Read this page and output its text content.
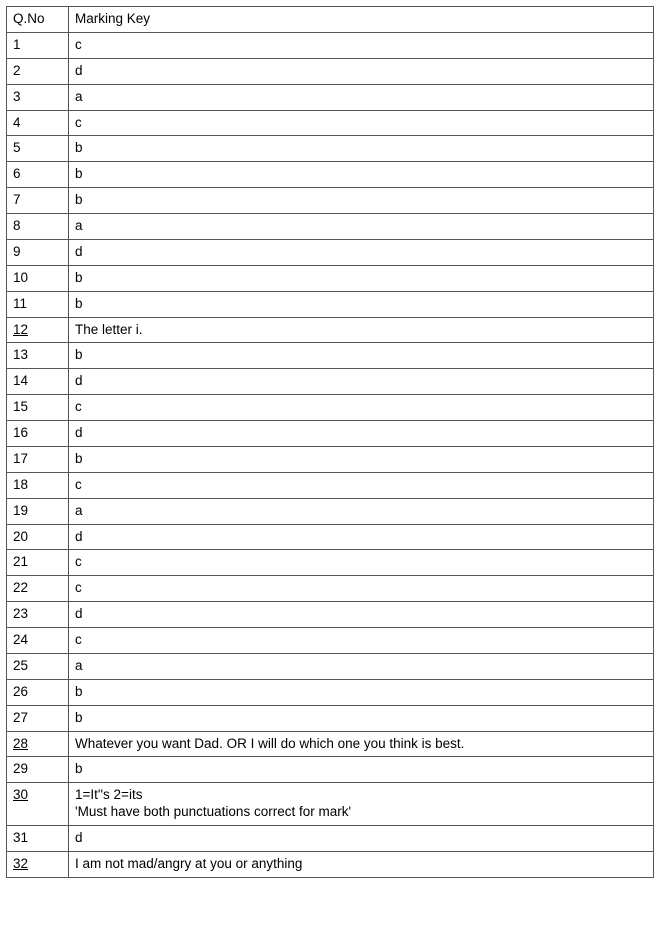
Q.No	Marking Key
1	c
2	d
3	a
4	c
5	b
6	b
7	b
8	a
9	d
10	b
11	b
12	The letter i.
13	b
14	d
15	c
16	d
17	b
18	c
19	a
20	d
21	c
22	c
23	d
24	c
25	a
26	b
27	b
28	Whatever you want Dad. OR I will do which one you think is best.
29	b
30	1=It''s 2=its
'Must have both punctuations correct for mark'

31	d
32	I am not mad/angry at you or anything
